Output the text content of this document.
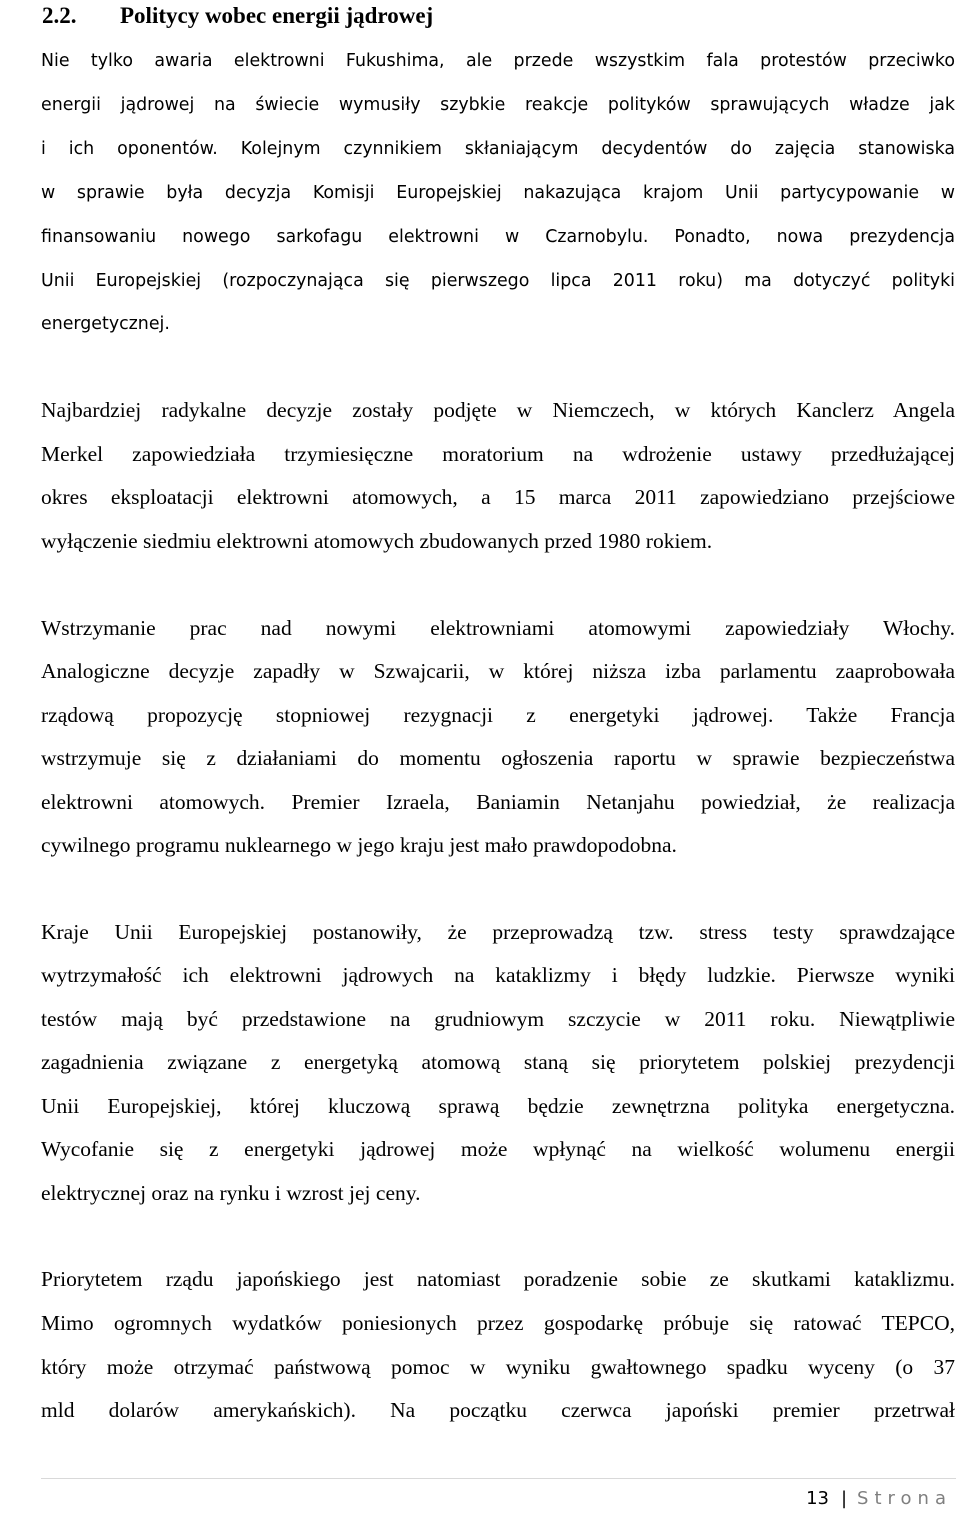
2.2. Politycy wobec energii jądrowej
Nie tylko awaria elektrowni Fukushima, ale przede wszystkim fala protestów przeciwko
energii jądrowej na świecie wymusiły szybkie reakcje polityków sprawujących władze jak
i ich oponentów. Kolejnym czynnikiem skłaniającym decydentów do zajęcia stanowiska
w sprawie była decyzja Komisji Europejskiej nakazująca krajom Unii partycypowanie w
finansowaniu nowego sarkofagu elektrowni w Czarnobylu. Ponadto, nowa prezydencja
Unii Europejskiej (rozpoczynająca się pierwszego lipca 2011 roku) ma dotyczyć polityki
energetycznej.
Najbardziej radykalne decyzje zostały podjęte w Niemczech, w których Kanclerz Angela
Merkel zapowiedziała trzymiesięczne moratorium na wdrożenie ustawy przedłużającej
okres eksploatacji elektrowni atomowych, a 15 marca 2011 zapowiedziano przejściowe
wyłączenie siedmiu elektrowni atomowych zbudowanych przed 1980 rokiem.
Wstrzymanie prac nad nowymi elektrowniami atomowymi zapowiedziały Włochy.
Analogiczne decyzje zapadły w Szwajcarii, w której niższa izba parlamentu zaaprobowała
rządową propozycję stopniowej rezygnacji z energetyki jądrowej. Także Francja
wstrzymuje się z działaniami do momentu ogłoszenia raportu w sprawie bezpieczeństwa
elektrowni atomowych. Premier Izraela, Baniamin Netanjahu powiedział, że realizacja
cywilnego programu nuklearnego w jego kraju jest mało prawdopodobna.
Kraje Unii Europejskiej postanowiły, że przeprowadzą tzw. stress testy sprawdzające
wytrzymałość ich elektrowni jądrowych na kataklizmy i błędy ludzkie. Pierwsze wyniki
testów mają być przedstawione na grudniowym szczycie w 2011 roku. Niewątpliwie
zagadnienia związane z energetyką atomową staną się priorytetem polskiej prezydencji
Unii Europejskiej, której kluczową sprawą będzie zewnętrzna polityka energetyczna.
Wycofanie się z energetyki jądrowej może wpłynąć na wielkość wolumenu energii
elektrycznej oraz na rynku i wzrost jej ceny.
Priorytetem rządu japońskiego jest natomiast poradzenie sobie ze skutkami kataklizmu.
Mimo ogromnych wydatków poniesionych przez gospodarkę próbuje się ratować TEPCO,
który może otrzymać państwową pomoc w wyniku gwałtownego spadku wyceny (o 37
mld dolarów amerykańskich). Na początku czerwca japoński premier przetrwał
13 | Strona
